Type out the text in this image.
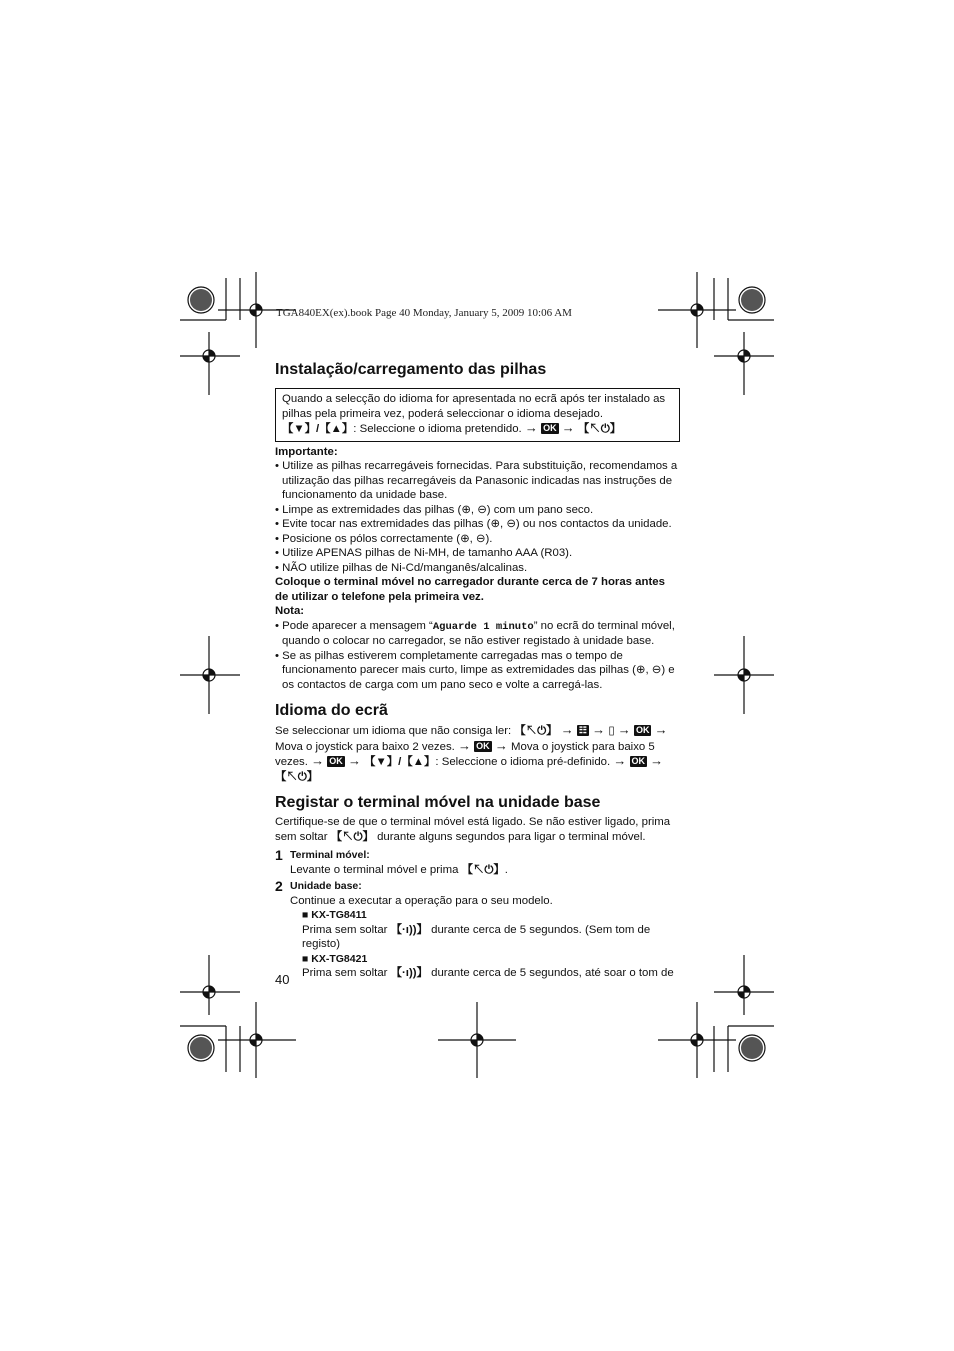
TGA840EX(ex).book Page 40 Monday, January 5, 2009 10:06 AM
Instalação/carregamento das pilhas

Quando a selecção do idioma for apresentada no ecrã após ter instalado as pilhas pela primeira vez, poderá seleccionar o idioma desejado.

【▼】/【▲】: Seleccione o idioma pretendido. → OK → 【↖⏻】

Importante:

• Utilize as pilhas recarregáveis fornecidas. Para substituição, recomendamos a utilização das pilhas recarregáveis da Panasonic indicadas nas instruções de funcionamento da unidade base.
• Limpe as extremidades das pilhas (⊕, ⊖) com um pano seco.
• Evite tocar nas extremidades das pilhas (⊕, ⊖) ou nos contactos da unidade.
• Posicione os pólos correctamente (⊕, ⊖).
• Utilize APENAS pilhas de Ni-MH, de tamanho AAA (R03).
• NÃO utilize pilhas de Ni-Cd/manganês/alcalinas.

Coloque o terminal móvel no carregador durante cerca de 7 horas antes de utilizar o telefone pela primeira vez.

Nota:

• Pode aparecer a mensagem “Aguarde 1 minuto” no ecrã do terminal móvel, quando o colocar no carregador, se não estiver registado à unidade base.
• Se as pilhas estiverem completamente carregadas mas o tempo de funcionamento parecer mais curto, limpe as extremidades das pilhas (⊕, ⊖) e os contactos de carga com um pano seco e volte a carregá-las.
Idioma do ecrã

Se seleccionar um idioma que não consiga ler: 【↖⏻】 → ☷ → ▯ → OK → Mova o joystick para baixo 2 vezes. → OK → Mova o joystick para baixo 5 vezes. → OK → 【▼】/【▲】: Seleccione o idioma pré-definido. → OK → 【↖⏻】

Registar o terminal móvel na unidade base

Certifique-se de que o terminal móvel está ligado. Se não estiver ligado, prima sem soltar 【↖⏻】 durante alguns segundos para ligar o terminal móvel.

1 Terminal móvel:
Levante o terminal móvel e prima 【↖⏻】.
2 Unidade base:
Continue a executar a operação para o seu modelo.
■ KX-TG8411
Prima sem soltar 【·ı))】 durante cerca de 5 segundos. (Sem tom de registo)
■ KX-TG8421
Prima sem soltar 【·ı))】 durante cerca de 5 segundos, até soar o tom de
40
